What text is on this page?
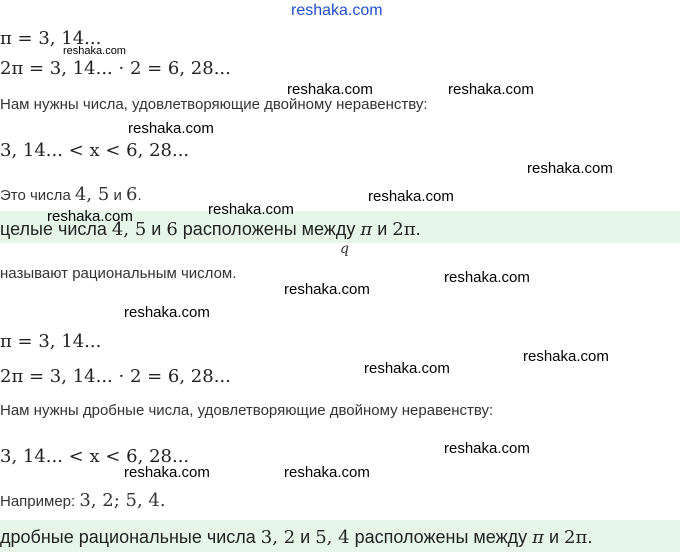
reshaka.com
π = 3, 14...
reshaka.com
2π = 3, 14... · 2 = 6, 28...
reshaka.com	reshaka.com
Нам нужны числа, удовлетворяющие двойному неравенству:
reshaka.com
3, 14... < x < 6, 28...
reshaka.com
Это числа 4, 5 и 6.	reshaka.com
reshaka.com	reshaka.com
целые числа 4, 5 и 6 расположены между π и 2π.
q
называют рациональным числом.	reshaka.com
reshaka.com
reshaka.com
π = 3, 14...
reshaka.com
reshaka.com
2π = 3, 14... · 2 = 6, 28...
Нам нужны дробные числа, удовлетворяющие двойному неравенству:
reshaka.com
3, 14... < x < 6, 28...
reshaka.com	reshaka.com
Например: 3, 2; 5, 4.
дробные рациональные числа 3, 2 и 5, 4 расположены между π и 2π.
